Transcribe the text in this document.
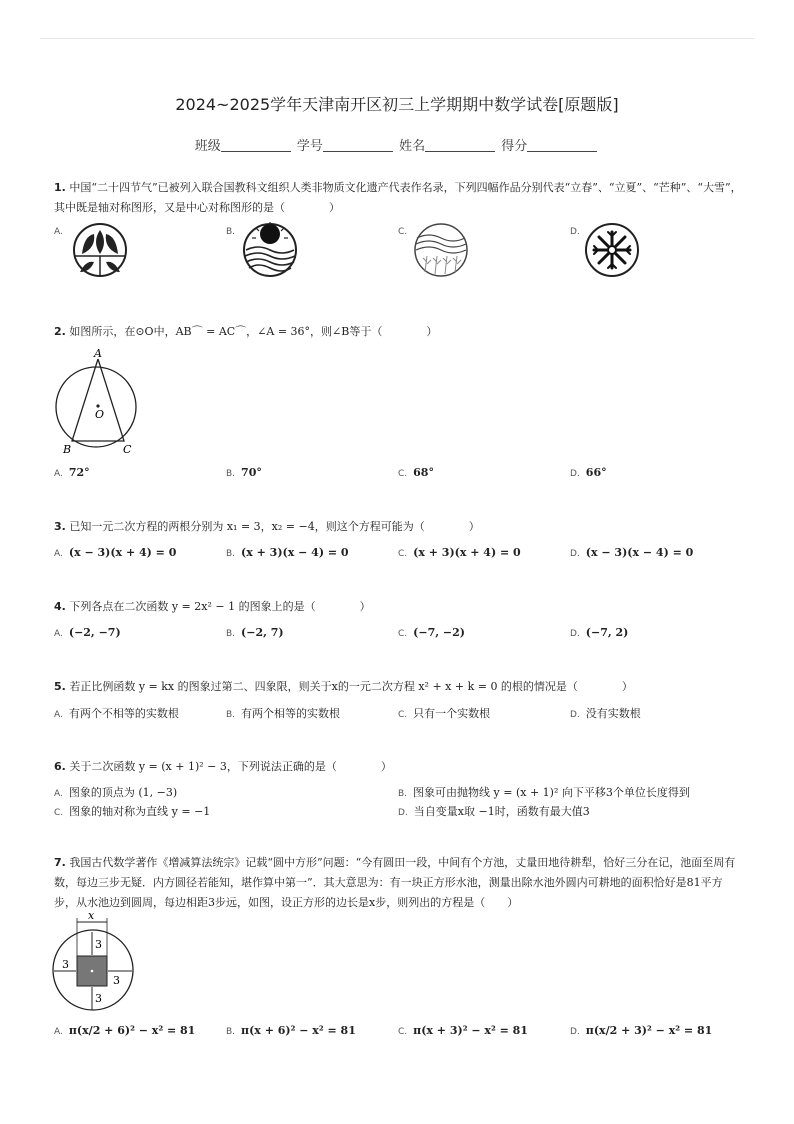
2024~2025学年天津南开区初三上学期期中数学试卷[原题版]
班级	学号	姓名	得分
1. 中国“二十四节气”已被列入联合国教科文组织人类非物质文化遗产代表作名录，下列四幅作品分别代表“立春”、“立夏”、“芒种”、“大雪”，其中既是轴对称图形，又是中心对称图形的是（　　　　）
A.	B.	C.	D.
2. 如图所示，在⊙O中，AB⌒ = AC⌒，∠A = 36°，则∠B等于（　　　　）
A
O
B	C
A. 72°	B. 70°	C. 68°	D. 66°
3. 已知一元二次方程的两根分别为 x₁ = 3，x₂ = −4，则这个方程可能为（　　　　）
A. (x − 3)(x + 4) = 0	B. (x + 3)(x − 4) = 0	C. (x + 3)(x + 4) = 0	D. (x − 3)(x − 4) = 0
4. 下列各点在二次函数 y = 2x² − 1 的图象上的是（　　　　）
A. (−2, −7)	B. (−2, 7)	C. (−7, −2)	D. (−7, 2)
5. 若正比例函数 y = kx 的图象过第二、四象限，则关于x的一元二次方程 x² + x + k = 0 的根的情况是（　　　　）
A. 有两个不相等的实数根	B. 有两个相等的实数根	C. 只有一个实数根	D. 没有实数根
6. 关于二次函数 y = (x + 1)² − 3，下列说法正确的是（　　　　）
A. 图象的顶点为 (1, −3)	B. 图象可由抛物线 y = (x + 1)² 向下平移3个单位长度得到
C. 图象的轴对称为直线 y = −1	D. 当自变量x取 −1时，函数有最大值3
7. 我国古代数学著作《增减算法统宗》记载“圆中方形”问题：“今有圆田一段，中间有个方池，丈量田地待耕犁，恰好三分在记，池面至周有数，每边三步无疑．内方圆径若能知，堪作算中第一”．其大意思为：有一块正方形水池，测量出除水池外圆内可耕地的面积恰好是81平方步，从水池边到圆周，每边相距3步远，如图，设正方形的边长是x步，则列出的方程是（　　）
x
3
3
3
3
A. π(x/2 + 6)² − x² = 81	B. π(x + 6)² − x² = 81	C. π(x + 3)² − x² = 81	D. π(x/2 + 3)² − x² = 81
